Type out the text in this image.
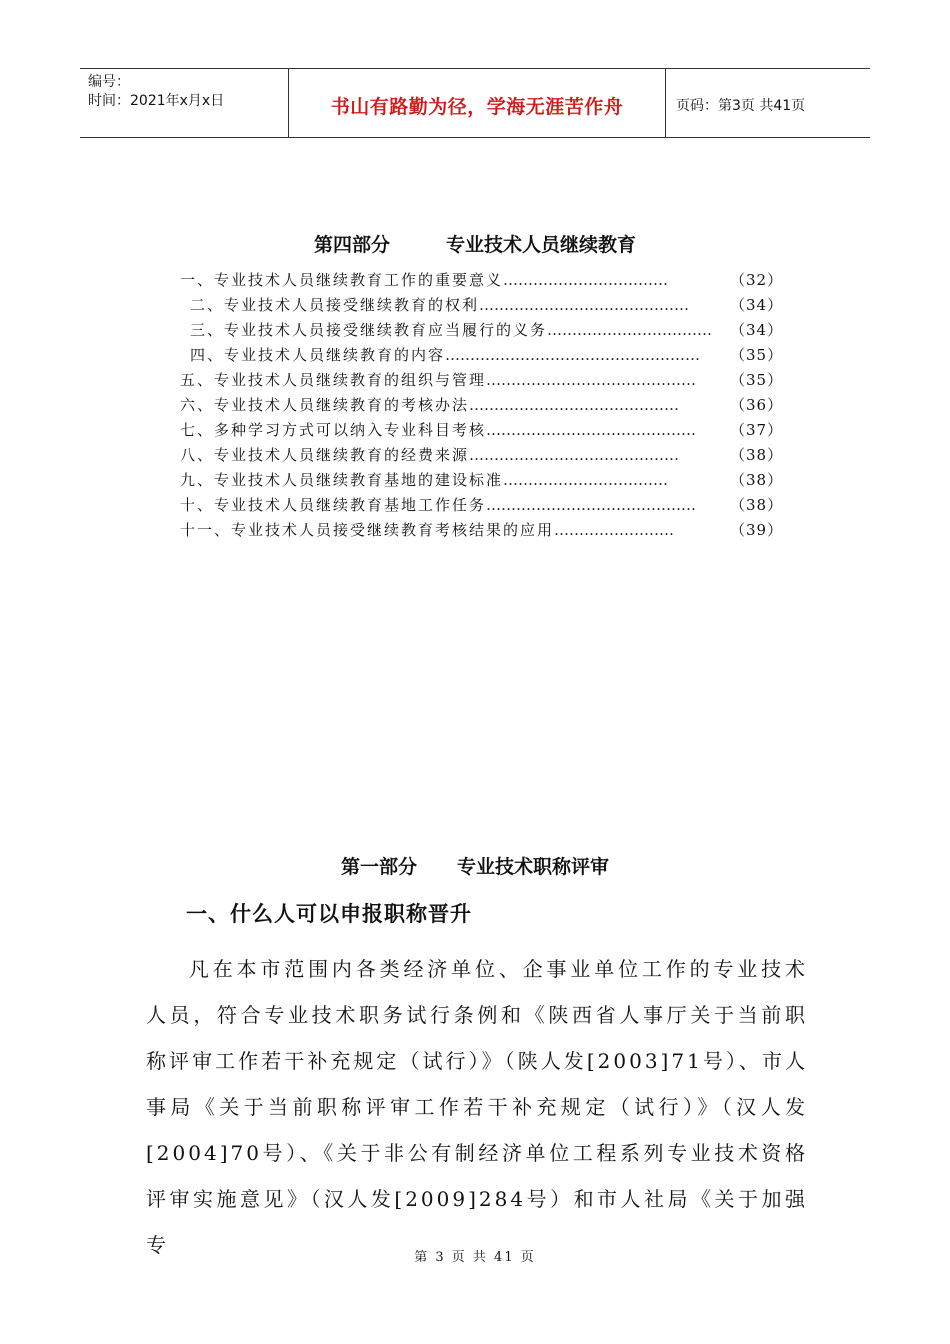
编号：
时间：2021年x月x日	书山有路勤为径，学海无涯苦作舟	页码：第3页 共41页
第四部分	专业技术人员继续教育
一、专业技术人员继续教育工作的重要意义……………………………	（32）
二、专业技术人员接受继续教育的权利……………………………………	（34）
三、专业技术人员接受继续教育应当履行的义务…………………………… （34）
四、专业技术人员继续教育的内容…………………………………………… （35）
五、专业技术人员继续教育的组织与管理…………………………………… （35）
六、专业技术人员继续教育的考核办法……………………………………	（36）
七、多种学习方式可以纳入专业科目考核…………………………………… （37）
八、专业技术人员继续教育的经费来源……………………………………	（38）
九、专业技术人员继续教育基地的建设标准……………………………	（38）
十、专业技术人员继续教育基地工作任务…………………………………… （38）
十一、专业技术人员接受继续教育考核结果的应用……………………	（39）
第一部分 专业技术职称评审
一、什么人可以申报职称晋升

凡在本市范围内各类经济单位、企事业单位工作的专业技术人员，符合专业技术职务试行条例和《陕西省人事厅关于当前职称评审工作若干补充规定（试行）》（陕人发[2003]71号）、市人事局《关于当前职称评审工作若干补充规定（试行）》（汉人发[2004]70号）、《关于非公有制经济单位工程系列专业技术资格评审实施意见》（汉人发[2009]284号）和市人社局《关于加强专

第 3 页 共 41 页
